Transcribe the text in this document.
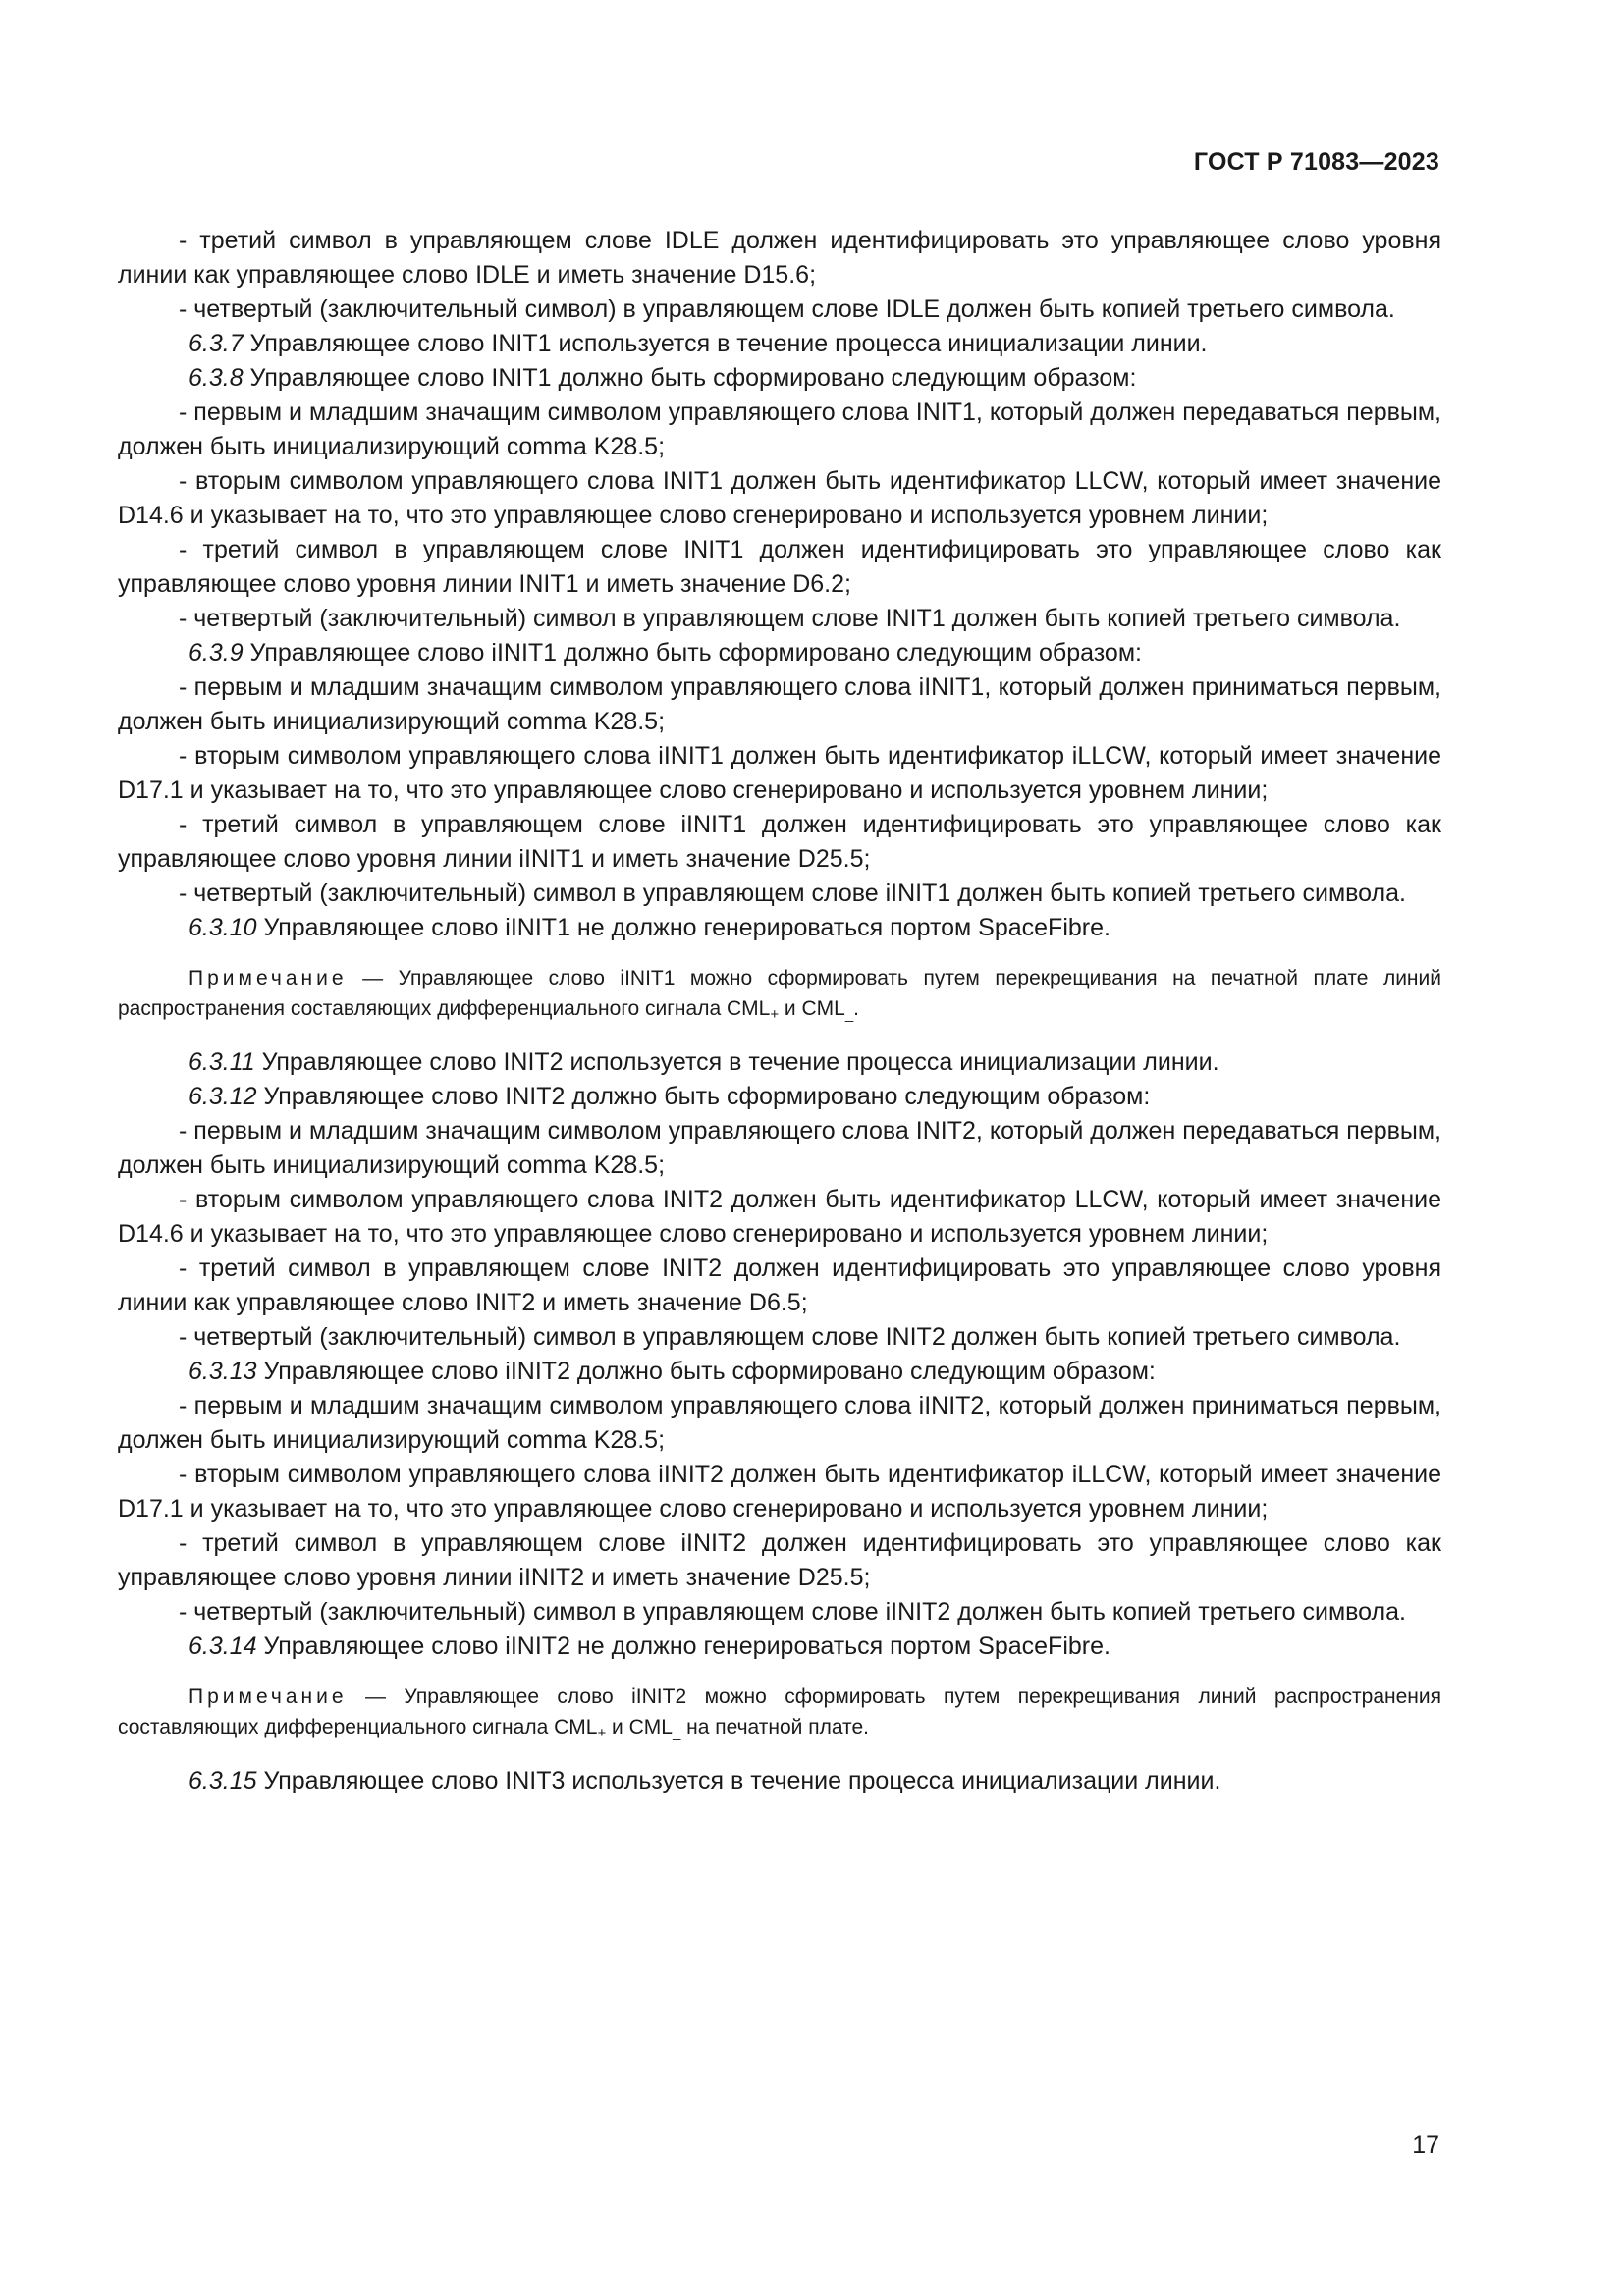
ГОСТ Р 71083—2023

- третий символ в управляющем слове IDLE должен идентифицировать это управляющее слово уровня линии как управляющее слово IDLE и иметь значение D15.6;

- четвертый (заключительный символ) в управляющем слове IDLE должен быть копией третьего символа.

6.3.7 Управляющее слово INIT1 используется в течение процесса инициализации линии.

6.3.8 Управляющее слово INIT1 должно быть сформировано следующим образом:

- первым и младшим значащим символом управляющего слова INIT1, который должен передаваться первым, должен быть инициализирующий comma K28.5;

- вторым символом управляющего слова INIT1 должен быть идентификатор LLCW, который имеет значение D14.6 и указывает на то, что это управляющее слово сгенерировано и используется уровнем линии;

- третий символ в управляющем слове INIT1 должен идентифицировать это управляющее слово как управляющее слово уровня линии INIT1 и иметь значение D6.2;

- четвертый (заключительный) символ в управляющем слове INIT1 должен быть копией третьего символа.

6.3.9 Управляющее слово iINIT1 должно быть сформировано следующим образом:

- первым и младшим значащим символом управляющего слова iINIT1, который должен приниматься первым, должен быть инициализирующий comma K28.5;

- вторым символом управляющего слова iINIT1 должен быть идентификатор iLLCW, который имеет значение D17.1 и указывает на то, что это управляющее слово сгенерировано и используется уровнем линии;

- третий символ в управляющем слове iINIT1 должен идентифицировать это управляющее слово как управляющее слово уровня линии iINIT1 и иметь значение D25.5;

- четвертый (заключительный) символ в управляющем слове iINIT1 должен быть копией третьего символа.

6.3.10 Управляющее слово iINIT1 не должно генерироваться портом SpaceFibre.

Примечание — Управляющее слово iINIT1 можно сформировать путем перекрещивания на печатной плате линий распространения составляющих дифференциального сигнала $CML_+$ и $CML_{\_}$.

6.3.11 Управляющее слово INIT2 используется в течение процесса инициализации линии.

6.3.12 Управляющее слово INIT2 должно быть сформировано следующим образом:

- первым и младшим значащим символом управляющего слова INIT2, который должен передаваться первым, должен быть инициализирующий comma K28.5;

- вторым символом управляющего слова INIT2 должен быть идентификатор LLCW, который имеет значение D14.6 и указывает на то, что это управляющее слово сгенерировано и используется уровнем линии;

- третий символ в управляющем слове INIT2 должен идентифицировать это управляющее слово уровня линии как управляющее слово INIT2 и иметь значение D6.5;

- четвертый (заключительный) символ в управляющем слове INIT2 должен быть копией третьего символа.

6.3.13 Управляющее слово iINIT2 должно быть сформировано следующим образом:

- первым и младшим значащим символом управляющего слова iINIT2, который должен приниматься первым, должен быть инициализирующий comma K28.5;

- вторым символом управляющего слова iINIT2 должен быть идентификатор iLLCW, который имеет значение D17.1 и указывает на то, что это управляющее слово сгенерировано и используется уровнем линии;

- третий символ в управляющем слове iINIT2 должен идентифицировать это управляющее слово как управляющее слово уровня линии iINIT2 и иметь значение D25.5;

- четвертый (заключительный) символ в управляющем слове iINIT2 должен быть копией третьего символа.

6.3.14 Управляющее слово iINIT2 не должно генерироваться портом SpaceFibre.

Примечание — Управляющее слово iINIT2 можно сформировать путем перекрещивания линий распространения составляющих дифференциального сигнала $CML_+$ и $CML_{\_}$ на печатной плате.

6.3.15 Управляющее слово INIT3 используется в течение процесса инициализации линии.

17
